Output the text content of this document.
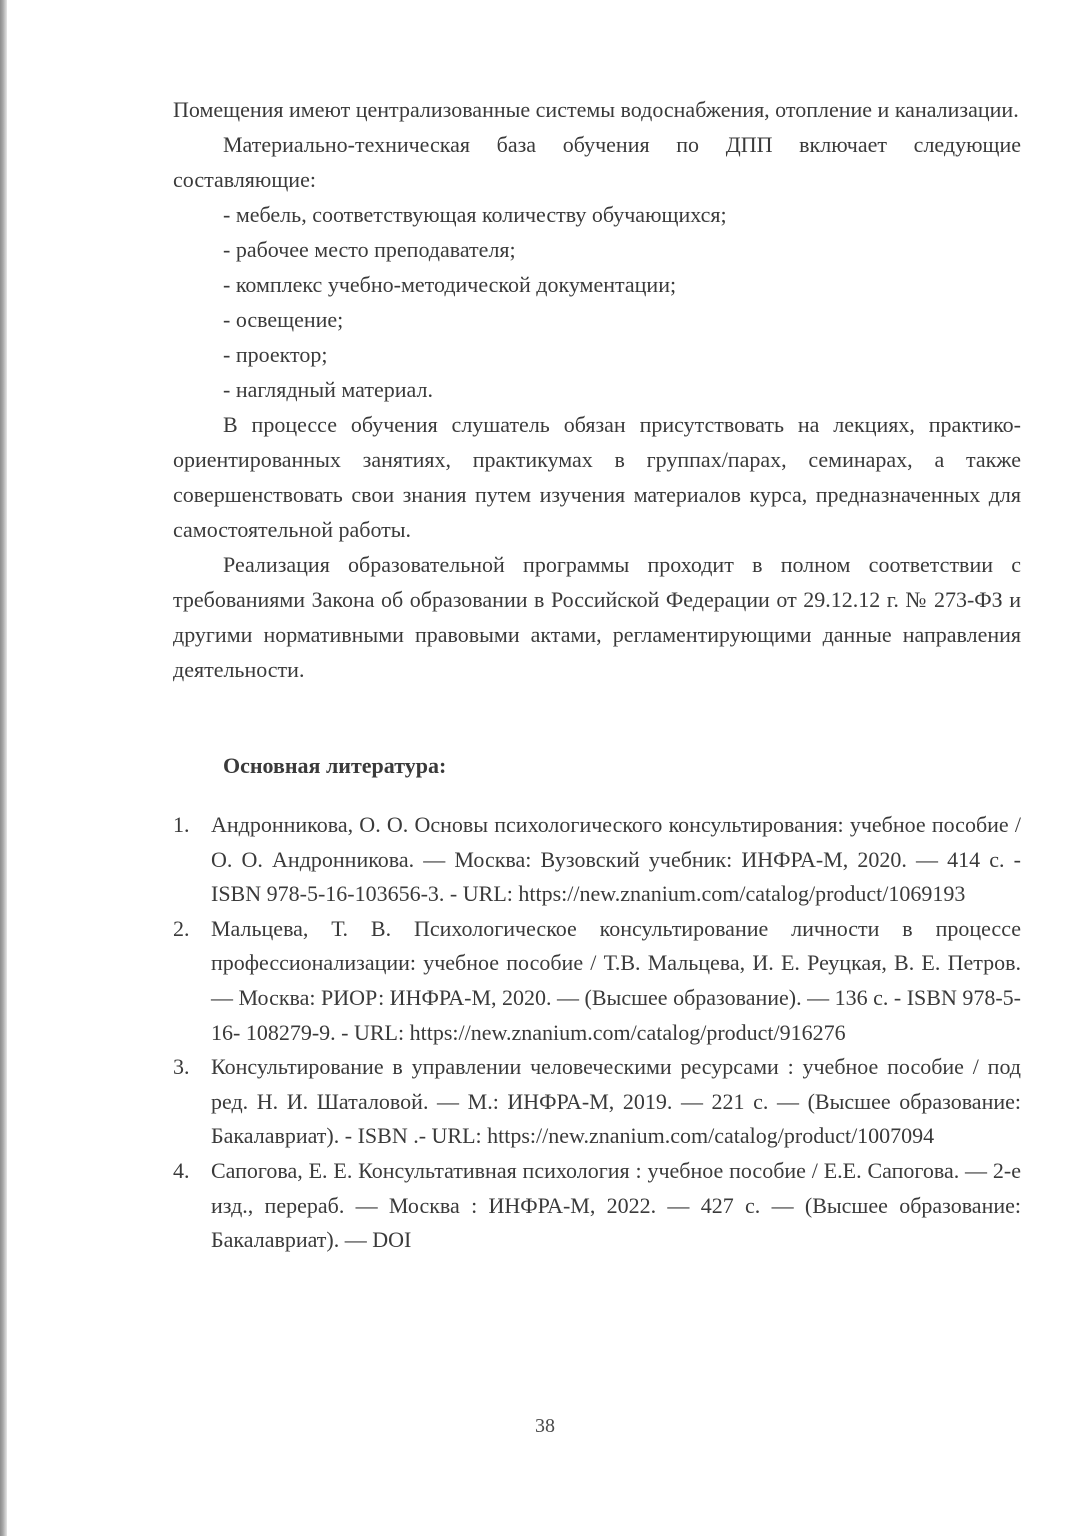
Помещения имеют централизованные системы водоснабжения, отопление и канализации.

Материально-техническая база обучения по ДПП включает следующие составляющие:

- мебель, соответствующая количеству обучающихся;

- рабочее место преподавателя;

- комплекс учебно-методической документации;

- освещение;

- проектор;

- наглядный материал.

В процессе обучения слушатель обязан присутствовать на лекциях, практико-ориентированных занятиях, практикумах в группах/парах, семинарах, а также совершенствовать свои знания путем изучения материалов курса, предназначенных для самостоятельной работы.

Реализация образовательной программы проходит в полном соответствии с требованиями Закона об образовании в Российской Федерации от 29.12.12 г. № 273-ФЗ и другими нормативными правовыми актами, регламентирующими данные направления деятельности.

Основная литература:

1. Андронникова, О. О. Основы психологического консультирования: учебное пособие / О. О. Андронникова. — Москва: Вузовский учебник: ИНФРА-М, 2020. — 414 с. - ISBN 978-5-16-103656-3. - URL: https://new.znanium.com/catalog/product/1069193
2. Мальцева, Т. В. Психологическое консультирование личности в процессе профессионализации: учебное пособие / Т.В. Мальцева, И. Е. Реуцкая, В. Е. Петров. — Москва: РИОР: ИНФРА-М, 2020. — (Высшее образование). — 136 с. - ISBN 978-5-16- 108279-9. - URL: https://new.znanium.com/catalog/product/916276
3. Консультирование в управлении человеческими ресурсами : учебное пособие / под ред. Н. И. Шаталовой. — М.: ИНФРА-М, 2019. — 221 с. — (Высшее образование: Бакалавриат). - ISBN .- URL: https://new.znanium.com/catalog/product/1007094
4. Сапогова, Е. Е. Консультативная психология : учебное пособие / Е.Е. Сапогова. — 2-е изд., перераб. — Москва : ИНФРА-М, 2022. — 427 с. — (Высшее образование: Бакалавриат). — DOI
38
